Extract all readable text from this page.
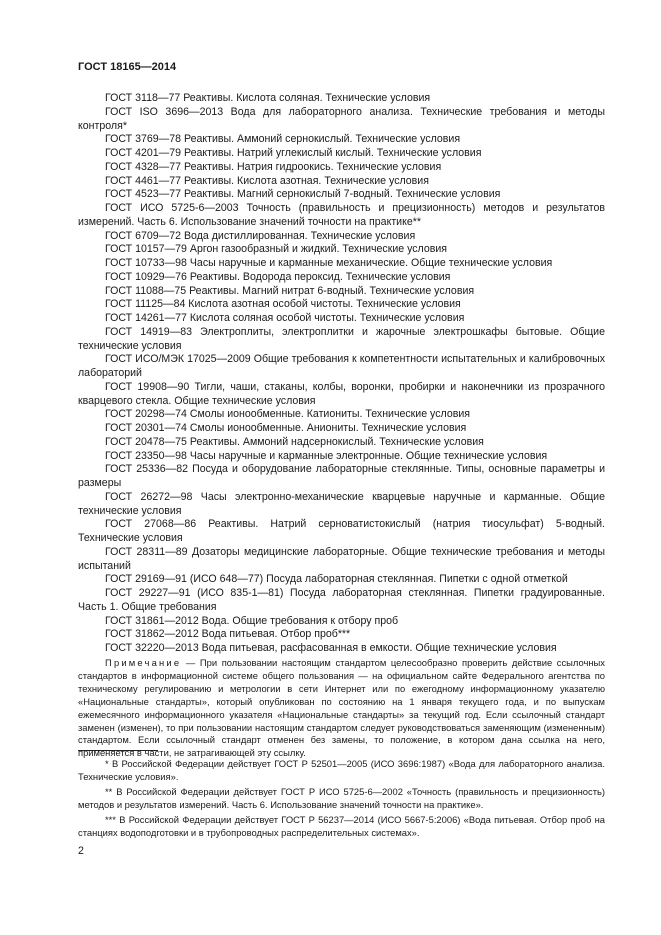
ГОСТ 18165—2014

ГОСТ 3118—77 Реактивы. Кислота соляная. Технические условия

ГОСТ ISO 3696—2013 Вода для лабораторного анализа. Технические требования и методы контроля*

ГОСТ 3769—78 Реактивы. Аммоний сернокислый. Технические условия

ГОСТ 4201—79 Реактивы. Натрий углекислый кислый. Технические условия

ГОСТ 4328—77 Реактивы. Натрия гидроокись. Технические условия

ГОСТ 4461—77 Реактивы. Кислота азотная. Технические условия

ГОСТ 4523—77 Реактивы. Магний сернокислый 7-водный. Технические условия

ГОСТ ИСО 5725-6—2003 Точность (правильность и прецизионность) методов и результатов измерений. Часть 6. Использование значений точности на практике**

ГОСТ 6709—72 Вода дистиллированная. Технические условия

ГОСТ 10157—79 Аргон газообразный и жидкий. Технические условия

ГОСТ 10733—98 Часы наручные и карманные механические. Общие технические условия

ГОСТ 10929—76 Реактивы. Водорода пероксид. Технические условия

ГОСТ 11088—75 Реактивы. Магний нитрат 6-водный. Технические условия

ГОСТ 11125—84 Кислота азотная особой чистоты. Технические условия

ГОСТ 14261—77 Кислота соляная особой чистоты. Технические условия

ГОСТ 14919—83 Электроплиты, электроплитки и жарочные электрошкафы бытовые. Общие технические условия

ГОСТ ИСО/МЭК 17025—2009 Общие требования к компетентности испытательных и калибровочных лабораторий

ГОСТ 19908—90 Тигли, чаши, стаканы, колбы, воронки, пробирки и наконечники из прозрачного кварцевого стекла. Общие технические условия

ГОСТ 20298—74 Смолы ионообменные. Катиониты. Технические условия

ГОСТ 20301—74 Смолы ионообменные. Аниониты. Технические условия

ГОСТ 20478—75 Реактивы. Аммоний надсернокислый. Технические условия

ГОСТ 23350—98 Часы наручные и карманные электронные. Общие технические условия

ГОСТ 25336—82 Посуда и оборудование лабораторные стеклянные. Типы, основные параметры и размеры

ГОСТ 26272—98 Часы электронно-механические кварцевые наручные и карманные. Общие технические условия

ГОСТ 27068—86 Реактивы. Натрий серноватистокислый (натрия тиосульфат) 5-водный. Технические условия

ГОСТ 28311—89 Дозаторы медицинские лабораторные. Общие технические требования и методы испытаний

ГОСТ 29169—91 (ИСО 648—77) Посуда лабораторная стеклянная. Пипетки с одной отметкой

ГОСТ 29227—91 (ИСО 835-1—81) Посуда лабораторная стеклянная. Пипетки градуированные. Часть 1. Общие требования

ГОСТ 31861—2012 Вода. Общие требования к отбору проб

ГОСТ 31862—2012 Вода питьевая. Отбор проб***

ГОСТ 32220—2013 Вода питьевая, расфасованная в емкости. Общие технические условия

Примечание — При пользовании настоящим стандартом целесообразно проверить действие ссылочных стандартов в информационной системе общего пользования — на официальном сайте Федерального агентства по техническому регулированию и метрологии в сети Интернет или по ежегодному информационному указателю «Национальные стандарты», который опубликован по состоянию на 1 января текущего года, и по выпускам ежемесячного информационного указателя «Национальные стандарты» за текущий год. Если ссылочный стандарт заменен (изменен), то при пользовании настоящим стандартом следует руководствоваться заменяющим (измененным) стандартом. Если ссылочный стандарт отменен без замены, то положение, в котором дана ссылка на него, применяется в части, не затрагивающей эту ссылку.

* В Российской Федерации действует ГОСТ Р 52501—2005 (ИСО 3696:1987) «Вода для лабораторного анализа. Технические условия».

** В Российской Федерации действует ГОСТ Р ИСО 5725-6—2002 «Точность (правильность и прецизионность) методов и результатов измерений. Часть 6. Использование значений точности на практике».

*** В Российской Федерации действует ГОСТ Р 56237—2014 (ИСО 5667-5:2006) «Вода питьевая. Отбор проб на станциях водоподготовки и в трубопроводных распределительных системах».

2
